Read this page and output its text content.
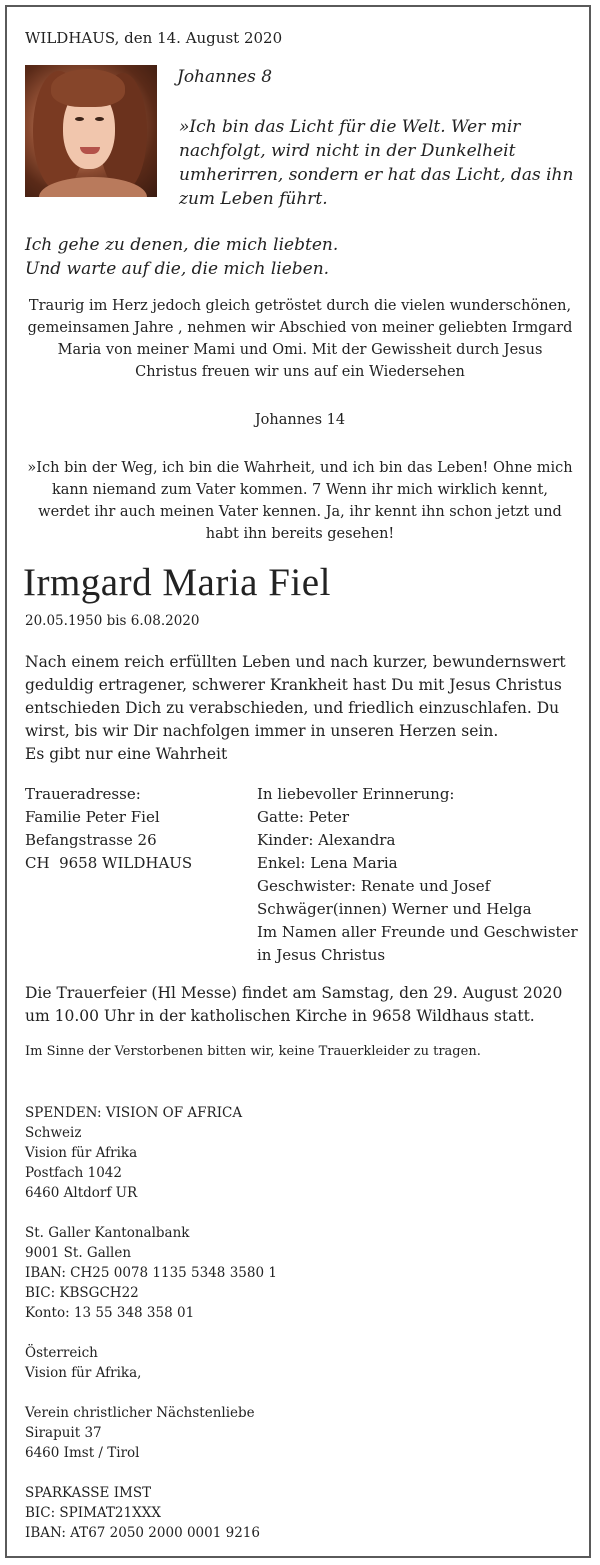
WILDHAUS, den 14. August 2020
Johannes 8
»Ich bin das Licht für die Welt. Wer mir nachfolgt, wird nicht in der Dunkelheit umherirren, sondern er hat das Licht, das ihn zum Leben führt.
Ich gehe zu denen, die mich liebten.
Und warte auf die, die mich lieben.
Traurig im Herz jedoch gleich getröstet durch die vielen wunderschönen, gemeinsamen Jahre , nehmen wir Abschied von meiner geliebten Irmgard Maria von meiner Mami und Omi. Mit der Gewissheit durch Jesus Christus freuen wir uns auf ein Wiedersehen
Johannes 14
»Ich bin der Weg, ich bin die Wahrheit, und ich bin das Leben! Ohne mich kann niemand zum Vater kommen. 7 Wenn ihr mich wirklich kennt, werdet ihr auch meinen Vater kennen. Ja, ihr kennt ihn schon jetzt und habt ihn bereits gesehen!
Irmgard Maria Fiel
20.05.1950 bis 6.08.2020
Nach einem reich erfüllten Leben und nach kurzer, bewundernswert geduldig ertragener, schwerer Krankheit hast Du mit Jesus Christus entschieden Dich zu verabschieden, und friedlich einzuschlafen. Du wirst, bis wir Dir nachfolgen immer in unseren Herzen sein.
Es gibt nur eine Wahrheit
Traueradresse:
Familie Peter Fiel
Befangstrasse 26
CH  9658 WILDHAUS
In liebevoller Erinnerung:
Gatte: Peter
Kinder: Alexandra
Enkel: Lena Maria
Geschwister: Renate und Josef
Schwäger(innen) Werner und Helga
Im Namen aller Freunde und Geschwister in Jesus Christus
Die Trauerfeier (Hl Messe) findet am Samstag, den 29. August 2020 um 10.00 Uhr in der katholischen Kirche in 9658 Wildhaus statt.
Im Sinne der Verstorbenen bitten wir, keine Trauerkleider zu tragen.
SPENDEN: VISION OF AFRICA
Schweiz
Vision für Afrika
Postfach 1042
6460 Altdorf UR
St. Galler Kantonalbank
9001 St. Gallen
IBAN: CH25 0078 1135 5348 3580 1
BIC: KBSGCH22
Konto: 13 55 348 358 01
Österreich
Vision für Afrika,
Verein christlicher Nächstenliebe
Sirapuit 37
6460 Imst / Tirol
SPARKASSE IMST
BIC: SPIMAT21XXX
IBAN: AT67 2050 2000 0001 9216
